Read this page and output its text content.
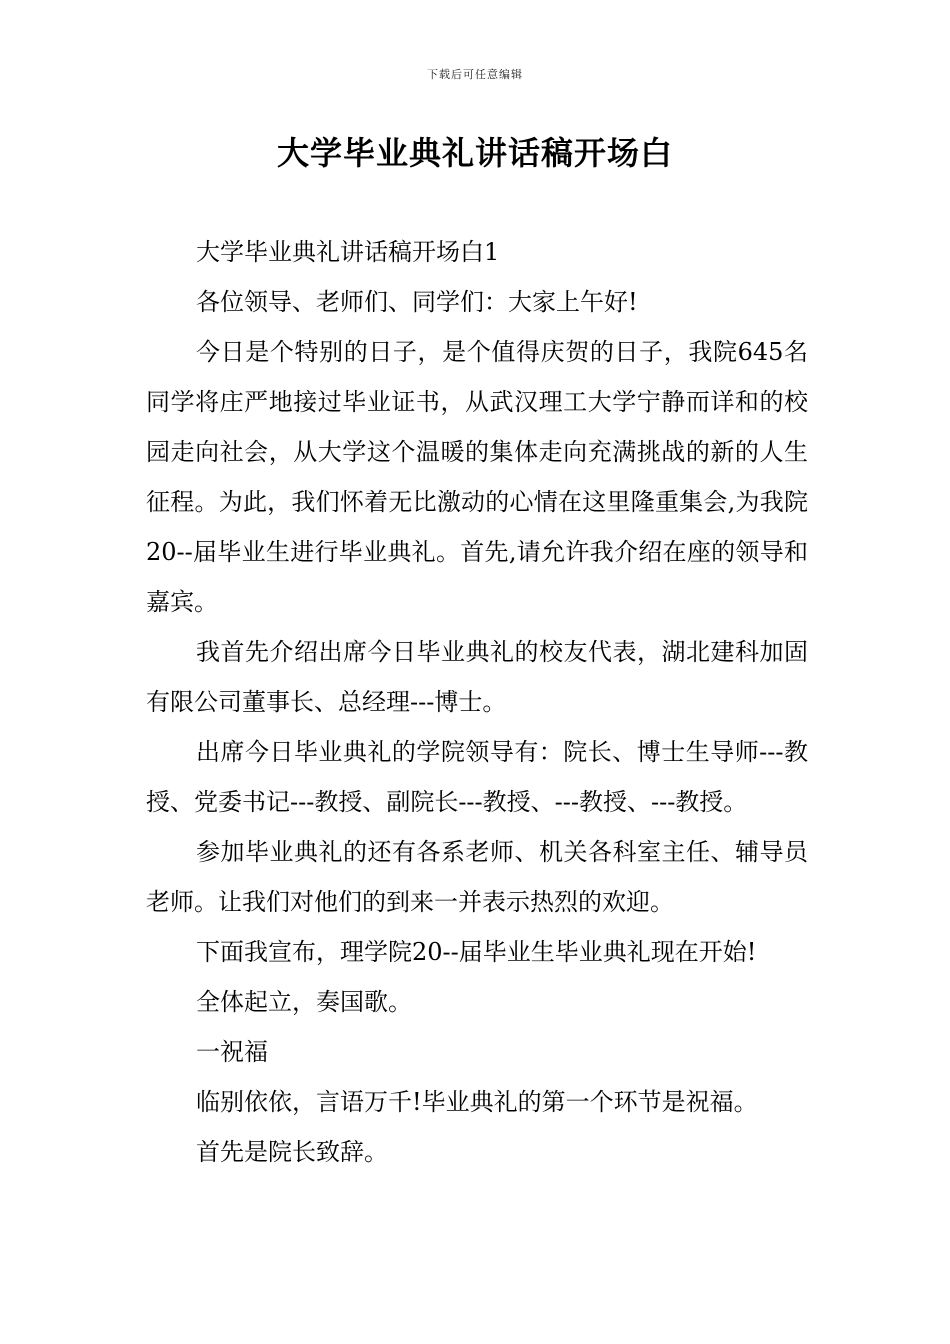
下载后可任意编辑
大学毕业典礼讲话稿开场白

大学毕业典礼讲话稿开场白1

各位领导、老师们、同学们：大家上午好!

今日是个特别的日子，是个值得庆贺的日子，我院645名同学将庄严地接过毕业证书，从武汉理工大学宁静而详和的校园走向社会，从大学这个温暖的集体走向充满挑战的新的人生征程。为此，我们怀着无比激动的心情在这里隆重集会,为我院20--届毕业生进行毕业典礼。首先,请允许我介绍在座的领导和嘉宾。

我首先介绍出席今日毕业典礼的校友代表，湖北建科加固有限公司董事长、总经理---博士。

出席今日毕业典礼的学院领导有：院长、博士生导师---教授、党委书记---教授、副院长---教授、---教授、---教授。

参加毕业典礼的还有各系老师、机关各科室主任、辅导员老师。让我们对他们的到来一并表示热烈的欢迎。

下面我宣布，理学院20--届毕业生毕业典礼现在开始!

全体起立，奏国歌。

一祝福

临别依依，言语万千!毕业典礼的第一个环节是祝福。

首先是院长致辞。
